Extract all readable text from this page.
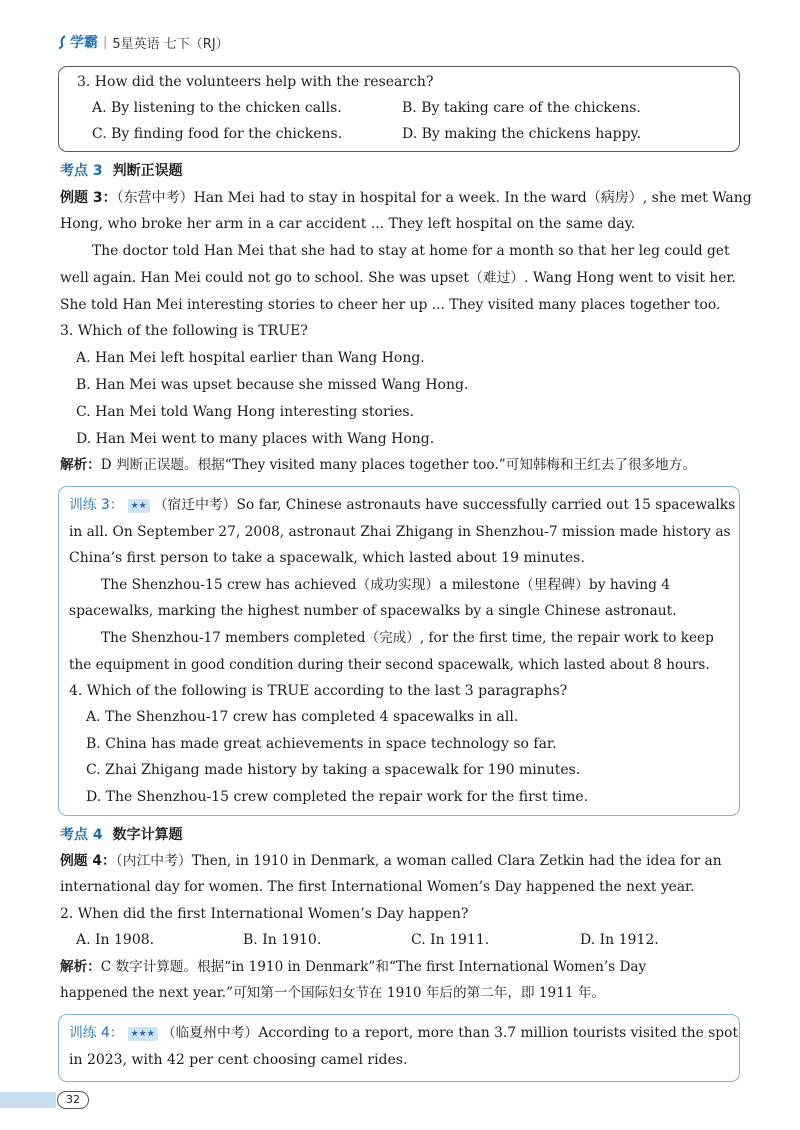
学霸 | 5星英语 七下（RJ）
3. How did the volunteers help with the research?
A. By listening to the chicken calls.	B. By taking care of the chickens.
C. By finding food for the chickens.	D. By making the chickens happy.
考点 3 判断正误题
例题 3：（东营中考）Han Mei had to stay in hospital for a week. In the ward（病房）, she met Wang
Hong, who broke her arm in a car accident ... They left hospital on the same day.
The doctor told Han Mei that she had to stay at home for a month so that her leg could get
well again. Han Mei could not go to school. She was upset（难过）. Wang Hong went to visit her.
She told Han Mei interesting stories to cheer her up ... They visited many places together too.
3. Which of the following is TRUE?
A. Han Mei left hospital earlier than Wang Hong.
B. Han Mei was upset because she missed Wang Hong.
C. Han Mei told Wang Hong interesting stories.
D. Han Mei went to many places with Wang Hong.
解析：D 判断正误题。根据“They visited many places together too.”可知韩梅和王红去了很多地方。
训练 3： ★★ （宿迁中考）So far, Chinese astronauts have successfully carried out 15 spacewalks
in all. On September 27, 2008, astronaut Zhai Zhigang in Shenzhou-7 mission made history as
China’s first person to take a spacewalk, which lasted about 19 minutes.
The Shenzhou-15 crew has achieved（成功实现）a milestone（里程碑）by having 4
spacewalks, marking the highest number of spacewalks by a single Chinese astronaut.
The Shenzhou-17 members completed（完成）, for the first time, the repair work to keep
the equipment in good condition during their second spacewalk, which lasted about 8 hours.
4. Which of the following is TRUE according to the last 3 paragraphs?
A. The Shenzhou-17 crew has completed 4 spacewalks in all.
B. China has made great achievements in space technology so far.
C. Zhai Zhigang made history by taking a spacewalk for 190 minutes.
D. The Shenzhou-15 crew completed the repair work for the first time.
考点 4 数字计算题
例题 4：（内江中考）Then, in 1910 in Denmark, a woman called Clara Zetkin had the idea for an
international day for women. The first International Women’s Day happened the next year.
2. When did the first International Women’s Day happen?
A. In 1908.	B. In 1910.	C. In 1911.	D. In 1912.
解析：C 数字计算题。根据“in 1910 in Denmark”和“The first International Women’s Day
happened the next year.”可知第一个国际妇女节在 1910 年后的第二年，即 1911 年。
训练 4： ★★★ （临夏州中考）According to a report, more than 3.7 million tourists visited the spot
in 2023, with 42 per cent choosing camel rides.
32
